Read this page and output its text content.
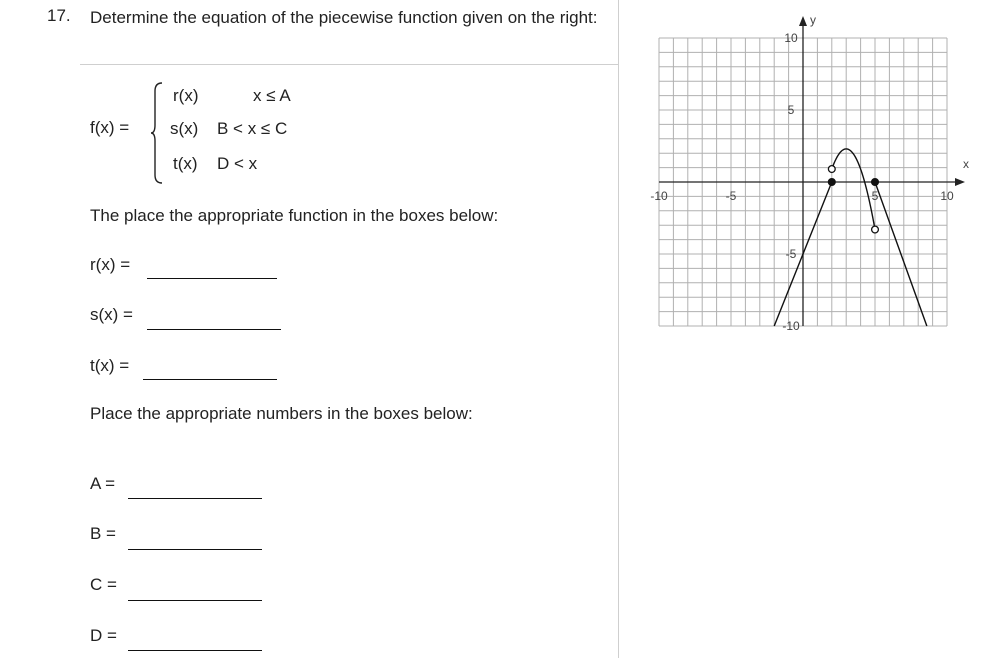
17. Determine the equation of the piecewise function given on the right:
f(x) =
r(x)	x ≤ A
s(x) B < x ≤ C
t(x) D < x
The place the appropriate function in the boxes below:
r(x) =
s(x) =
t(x) =
Place the appropriate numbers in the boxes below:
A =
B =
C =
D =
x
y
-10	-5	5	10
10
5
-5
-10
